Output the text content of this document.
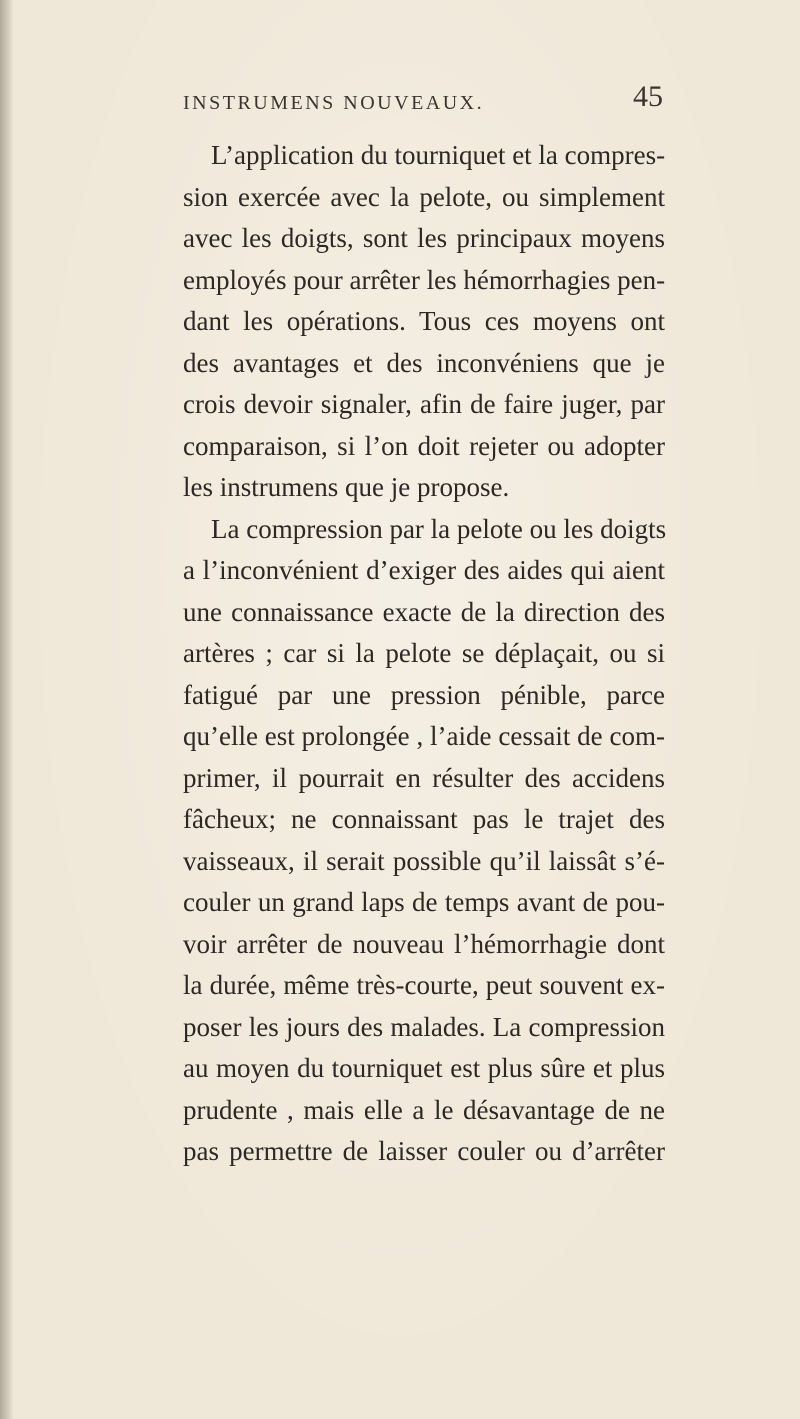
INSTRUMENS NOUVEAUX.	45
L’application du tourniquet et la compres-
sion exercée avec la pelote, ou simplement
avec les doigts, sont les principaux moyens
employés pour arrêter les hémorrhagies pen-
dant les opérations. Tous ces moyens ont
des avantages et des inconvéniens que je
crois devoir signaler, afin de faire juger, par
comparaison, si l’on doit rejeter ou adopter
les instrumens que je propose.
La compression par la pelote ou les doigts
a l’inconvénient d’exiger des aides qui aient
une connaissance exacte de la direction des
artères ; car si la pelote se déplaçait, ou si
fatigué par une pression pénible, parce
qu’elle est prolongée , l’aide cessait de com-
primer, il pourrait en résulter des accidens
fâcheux; ne connaissant pas le trajet des
vaisseaux, il serait possible qu’il laissât s’é-
couler un grand laps de temps avant de pou-
voir arrêter de nouveau l’hémorrhagie dont
la durée, même très-courte, peut souvent ex-
poser les jours des malades. La compression
au moyen du tourniquet est plus sûre et plus
prudente , mais elle a le désavantage de ne
pas permettre de laisser couler ou d’arrêter
